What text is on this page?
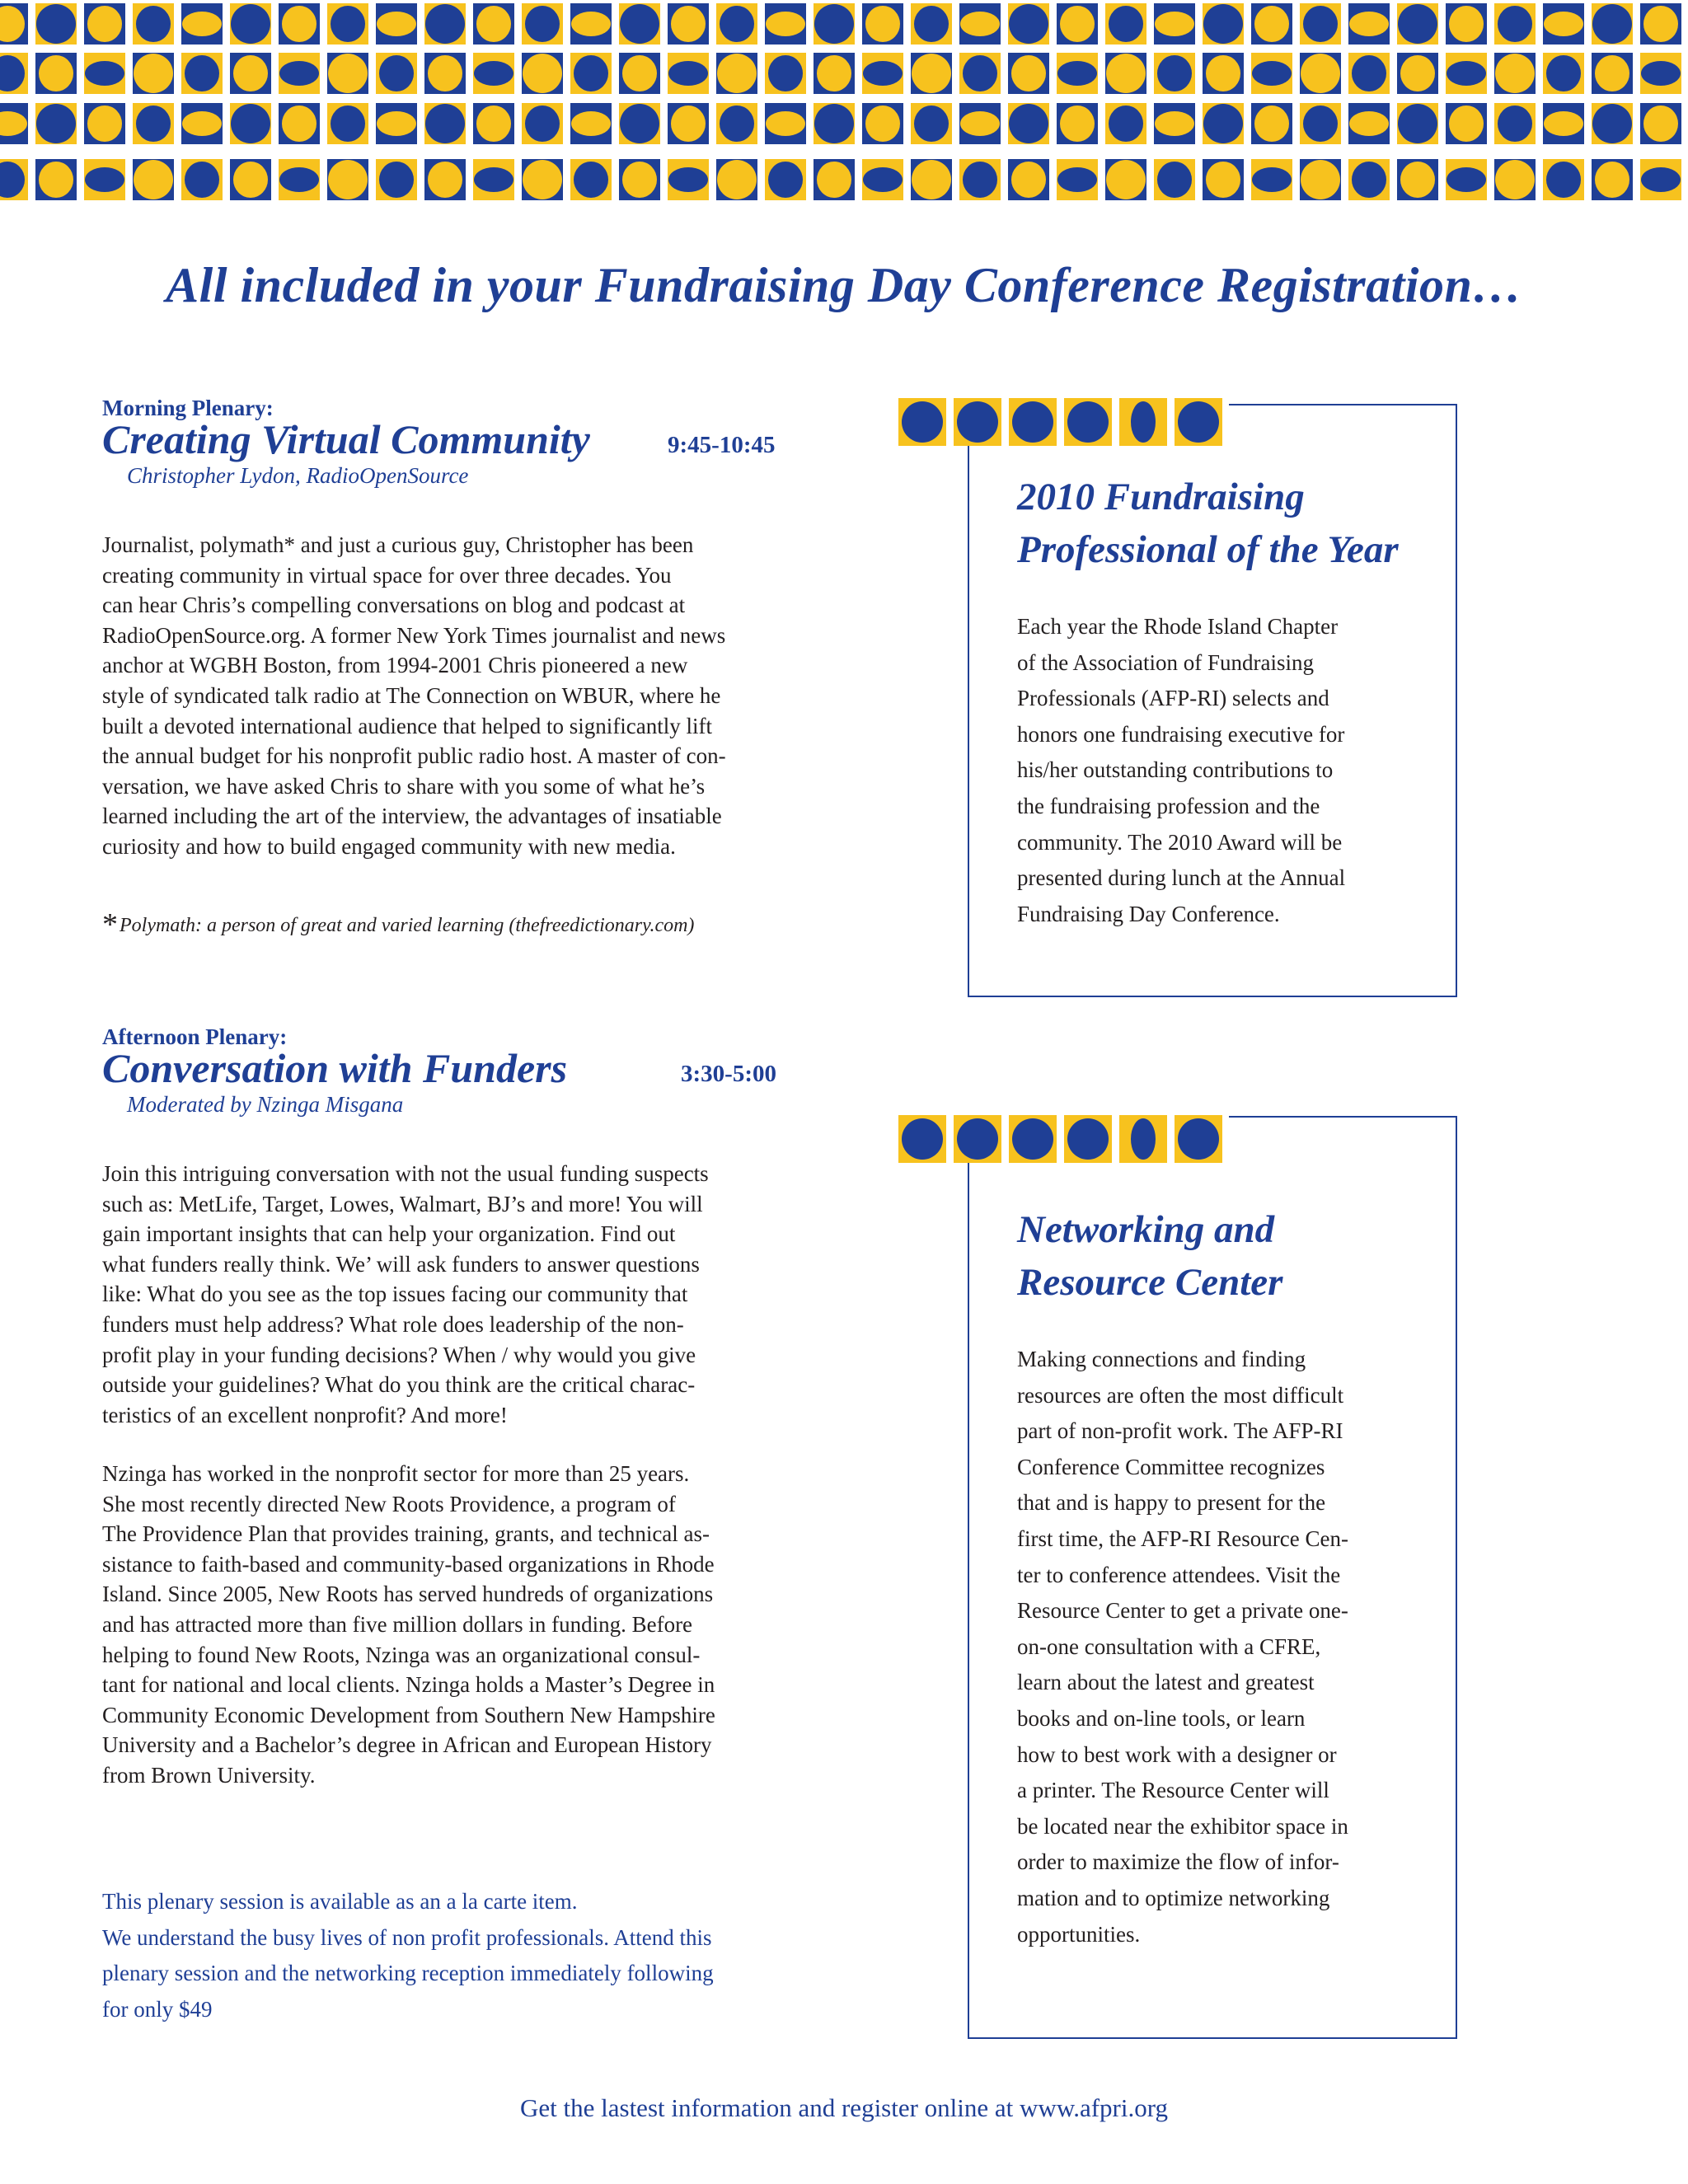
All included in your Fundraising Day Conference Registration…
Morning Plenary:
Creating Virtual Community	9:45-10:45
Christopher Lydon, RadioOpenSource
Journalist, polymath* and just a curious guy, Christopher has been
creating community in virtual space for over three decades. You
can hear Chris’s compelling conversations on blog and podcast at
RadioOpenSource.org. A former New York Times journalist and news
anchor at WGBH Boston, from 1994-2001 Chris pioneered a new
style of syndicated talk radio at The Connection on WBUR, where he
built a devoted international audience that helped to significantly lift
the annual budget for his nonprofit public radio host. A master of con-
versation, we have asked Chris to share with you some of what he’s
learned including the art of the interview, the advantages of insatiable
curiosity and how to build engaged community with new media.
*Polymath: a person of great and varied learning (thefreedictionary.com)
Afternoon Plenary:
Conversation with Funders	3:30-5:00
Moderated by Nzinga Misgana
Join this intriguing conversation with not the usual funding suspects
such as: MetLife, Target, Lowes, Walmart, BJ’s and more! You will
gain important insights that can help your organization. Find out
what funders really think. We’ will ask funders to answer questions
like: What do you see as the top issues facing our community that
funders must help address? What role does leadership of the non-
profit play in your funding decisions? When / why would you give
outside your guidelines? What do you think are the critical charac-
teristics of an excellent nonprofit? And more!
Nzinga has worked in the nonprofit sector for more than 25 years.
She most recently directed New Roots Providence, a program of
The Providence Plan that provides training, grants, and technical as-
sistance to faith-based and community-based organizations in Rhode
Island. Since 2005, New Roots has served hundreds of organizations
and has attracted more than five million dollars in funding. Before
helping to found New Roots, Nzinga was an organizational consul-
tant for national and local clients. Nzinga holds a Master’s Degree in
Community Economic Development from Southern New Hampshire
University and a Bachelor’s degree in African and European History
from Brown University.
This plenary session is available as an a la carte item.
We understand the busy lives of non profit professionals. Attend this
plenary session and the networking reception immediately following
for only $49
2010 Fundraising
Professional of the Year
Each year the Rhode Island Chapter
of the Association of Fundraising
Professionals (AFP-RI) selects and
honors one fundraising executive for
his/her outstanding contributions to
the fundraising profession and the
community. The 2010 Award will be
presented during lunch at the Annual
Fundraising Day Conference.
Networking and
Resource Center
Making connections and finding
resources are often the most difficult
part of non-profit work. The AFP-RI
Conference Committee recognizes
that and is happy to present for the
first time, the AFP-RI Resource Cen-
ter to conference attendees. Visit the
Resource Center to get a private one-
on-one consultation with a CFRE,
learn about the latest and greatest
books and on-line tools, or learn
how to best work with a designer or
a printer. The Resource Center will
be located near the exhibitor space in
order to maximize the flow of infor-
mation and to optimize networking
opportunities.
Get the lastest information and register online at www.afpri.org
